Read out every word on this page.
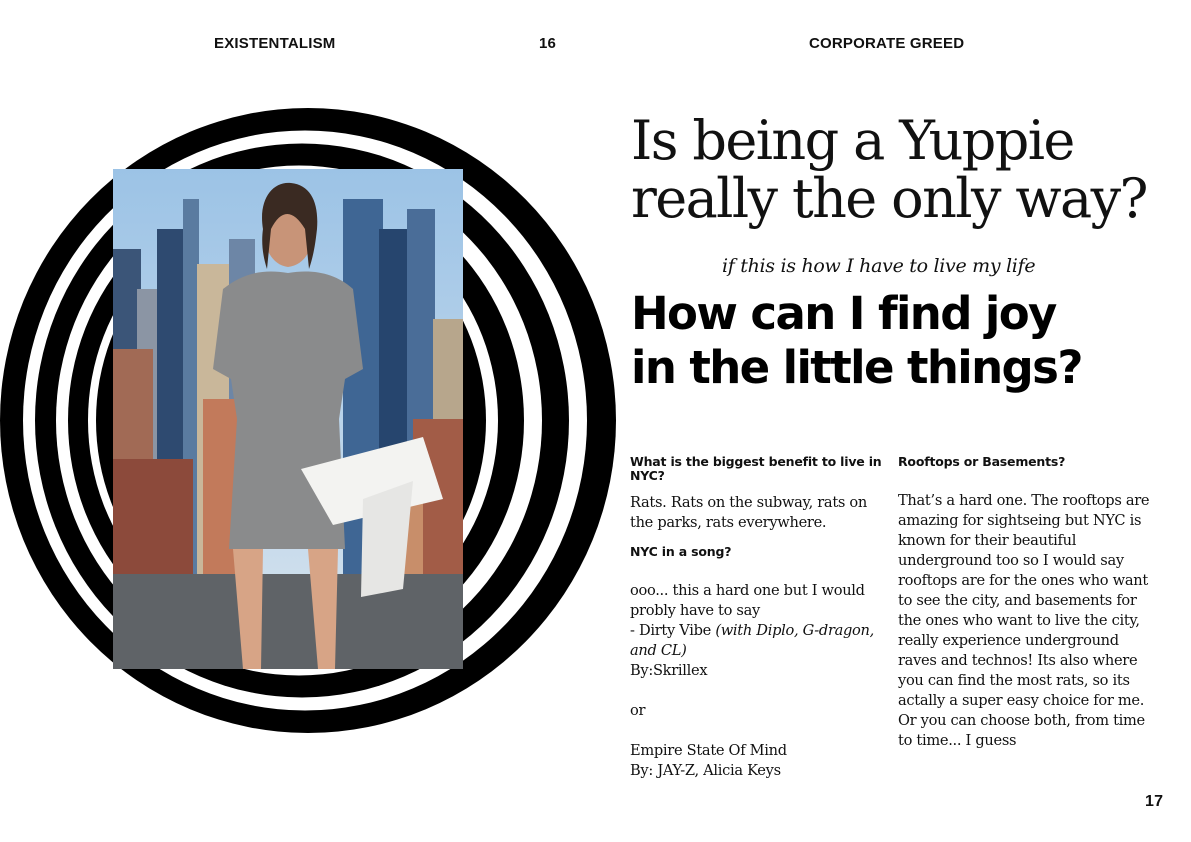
EXISTENTALISM	16	CORPORATE GREED
Is being a Yuppie
really the only way?
if this is how I have to live my life
How can I find joy
in the little things?

What is the biggest benefit to live in NYC?

Rats. Rats on the subway, rats on the parks, rats everywhere.

NYC in a song?

ooo... this a hard one but I would probly have to say

- Dirty Vibe (with Diplo, G-dragon, and CL)

By:Skrillex

or

Empire State Of Mind

By: JAY-Z, Alicia Keys

Rooftops or Basements?

That’s a hard one. The rooftops are amazing for sightseing but NYC is known for their beautiful underground too so I would say rooftops are for the ones who want to see the city, and basements for the ones who want to live the city, really experience underground raves and technos! Its also where you can find the most rats, so its actally a super easy choice for me. Or you can choose both, from time to time... I guess

17
